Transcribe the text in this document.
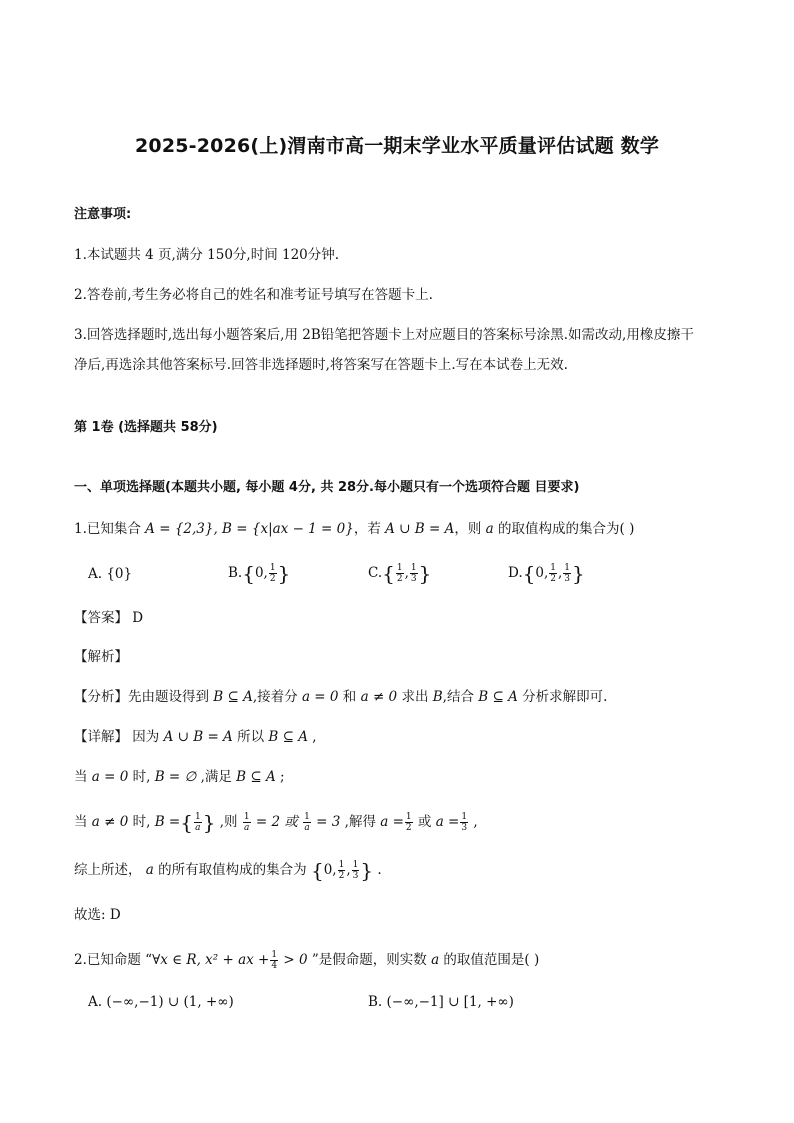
2025-2026(上)渭南市高一期末学业水平质量评估试题 数学
注意事项:
1.本试题共 4 页,满分 150分,时间 120分钟.
2.答卷前,考生务必将自己的姓名和准考证号填写在答题卡上.
3.回答选择题时,选出每小题答案后,用 2B铅笔把答题卡上对应题目的答案标号涂黑.如需改动,用橡皮擦干
净后,再选涂其他答案标号.回答非选择题时,将答案写在答题卡上.写在本试卷上无效.
第 1卷 (选择题共 58分)
一、单项选择题(本题共小题, 每小题 4分, 共 28分.每小题只有一个选项符合题 目要求)
1.已知集合 A = {2,3}, B = {x|ax − 1 = 0}，若 A ∪ B = A，则 a 的取值构成的集合为( )
A. {0}	B.{0, $\frac{1}{2}$ }	$C.\{ \frac{1}{2}$ , $\frac{1}{3}$ }	D.{0, $\frac{1}{2}$ , $\frac{1}{3}$ }
【答案】 D
【解析】
【分析】先由题设得到 B ⊆ A,接着分 a = 0 和 a ≠ 0 求出 B,结合 B ⊆ A 分析求解即可.
【详解】 因为 A ∪ B = A 所以 B ⊆ A ,
当 a = 0 时, B = ∅ ,满足 B ⊆ A ;
当 a ≠ 0 时, B ={ $\frac{1}{a}$ } ,则 $\frac{1}{a} = 2$ 或 $\frac{1}{a} = 3$ ,解得 $a = \frac{1}{2}$ 或 $a = \frac{1}{3}$ ,
综上所述， a 的所有取值构成的集合为 {0, $\frac{1}{2}$ , $\frac{1}{3}$ } .
故选: D
2.已知命题 “∀x ∈ R, x² + ax + $\frac{1}{4} > 0$ ”是假命题，则实数 a 的取值范围是( )
A. (−∞,−1) ∪ (1, +∞)	B. (−∞,−1] ∪ [1, +∞)
